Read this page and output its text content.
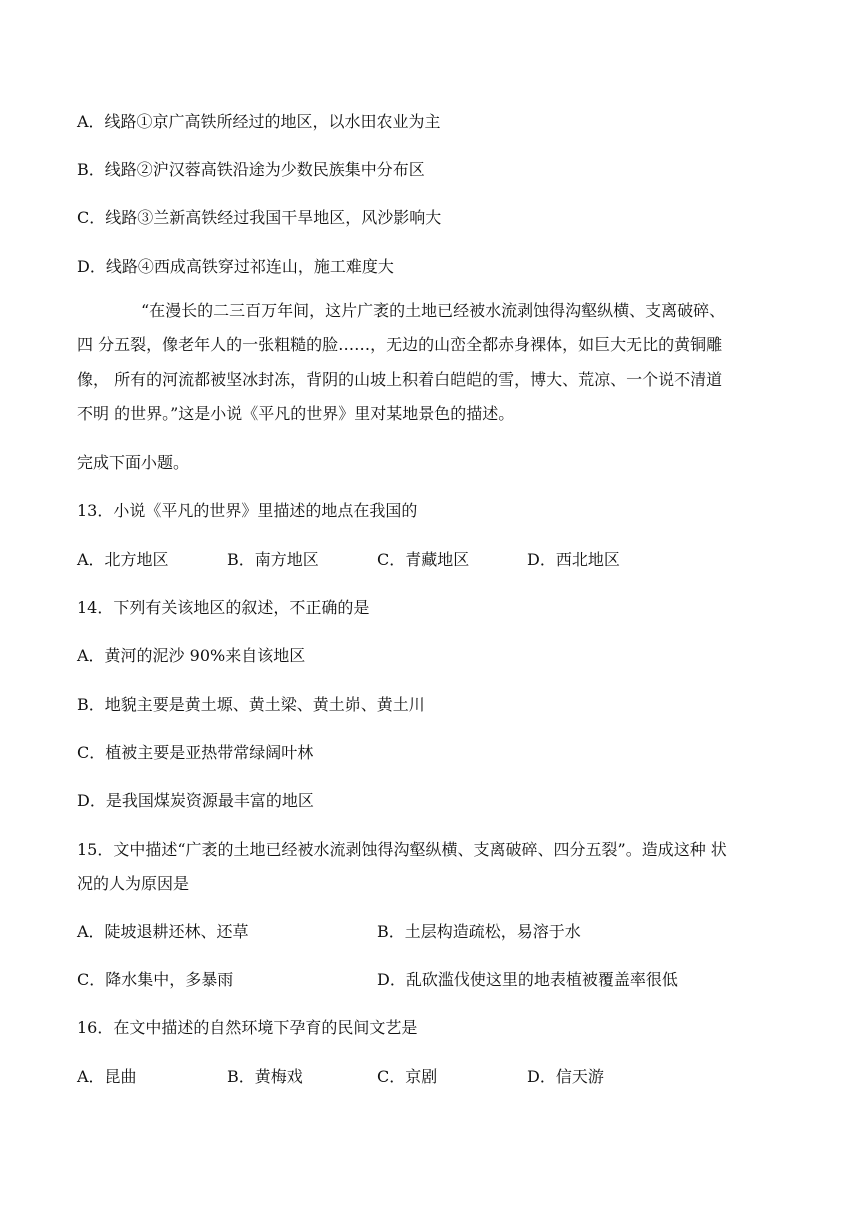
A．线路①京广高铁所经过的地区，以水田农业为主
B．线路②沪汉蓉高铁沿途为少数民族集中分布区
C．线路③兰新高铁经过我国干旱地区，风沙影响大
D．线路④西成高铁穿过祁连山，施工难度大
“在漫长的二三百万年间，这片广袤的土地已经被水流剥蚀得沟壑纵横、支离破碎、
四 分五裂，像老年人的一张粗糙的脸……，无边的山峦全都赤身裸体，如巨大无比的黄铜雕
像， 所有的河流都被坚冰封冻，背阴的山坡上积着白皑皑的雪，博大、荒凉、一个说不清道
不明 的世界。”这是小说《平凡的世界》里对某地景色的描述。
完成下面小题。
13．小说《平凡的世界》里描述的地点在我国的
A．北方地区	B．南方地区	C．青藏地区	D．西北地区
14．下列有关该地区的叙述，不正确的是
A．黄河的泥沙 90%来自该地区
B．地貌主要是黄土塬、黄土梁、黄土峁、黄土川
C．植被主要是亚热带常绿阔叶林
D．是我国煤炭资源最丰富的地区
15．文中描述“广袤的土地已经被水流剥蚀得沟壑纵横、支离破碎、四分五裂”。造成这种 状
况的人为原因是
A．陡坡退耕还林、还草	B．土层构造疏松，易溶于水
C．降水集中，多暴雨	D．乱砍滥伐使这里的地表植被覆盖率很低
16．在文中描述的自然环境下孕育的民间文艺是
A．昆曲	B．黄梅戏	C．京剧	D．信天游
